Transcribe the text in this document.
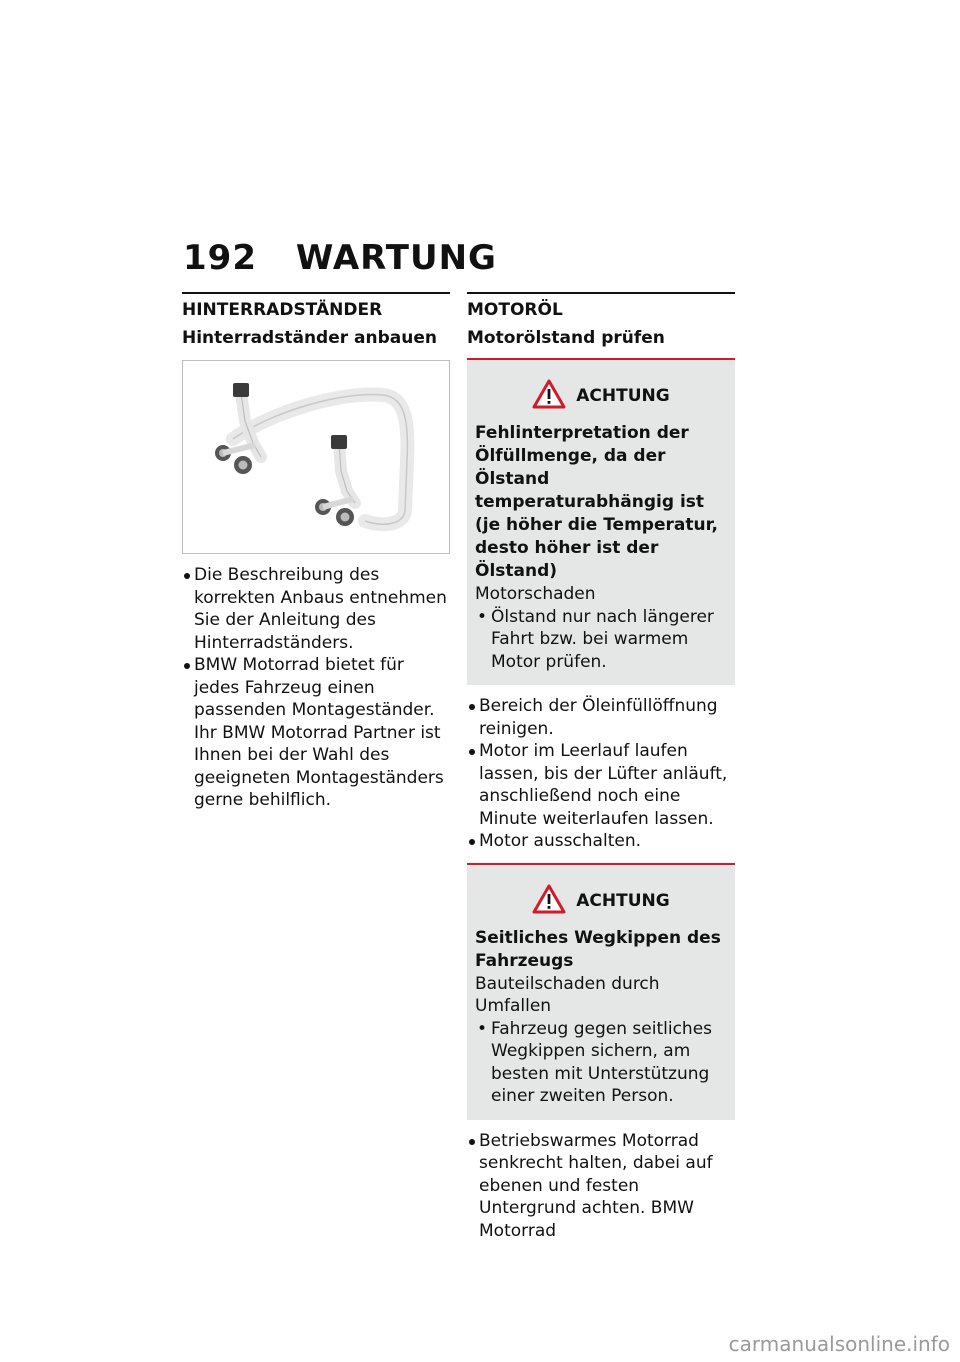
192 WARTUNG
HINTERRADSTÄNDER
Hinterradständer anbauen
Die Beschreibung des korrekten Anbaus entnehmen Sie der Anleitung des Hinterradständers.
BMW Motorrad bietet für jedes Fahrzeug einen passenden Montageständer. Ihr BMW Motorrad Partner ist Ihnen bei der Wahl des geeigneten Montageständers gerne behilflich.
MOTORÖL
Motorölstand prüfen
ACHTUNG
Fehlinterpretation der Ölfüllmenge, da der Ölstand temperaturabhängig ist (je höher die Temperatur, desto höher ist der Ölstand)
Motorschaden
• Ölstand nur nach längerer Fahrt bzw. bei warmem Motor prüfen.
Bereich der Öleinfüllöffnung reinigen.
Motor im Leerlauf laufen lassen, bis der Lüfter anläuft, anschließend noch eine Minute weiterlaufen lassen.
Motor ausschalten.
ACHTUNG
Seitliches Wegkippen des Fahrzeugs
Bauteilschaden durch Umfallen
• Fahrzeug gegen seitliches Wegkippen sichern, am besten mit Unterstützung einer zweiten Person.
Betriebswarmes Motorrad senkrecht halten, dabei auf ebenen und festen Untergrund achten. BMW Motorrad
carmanualsonline.info
